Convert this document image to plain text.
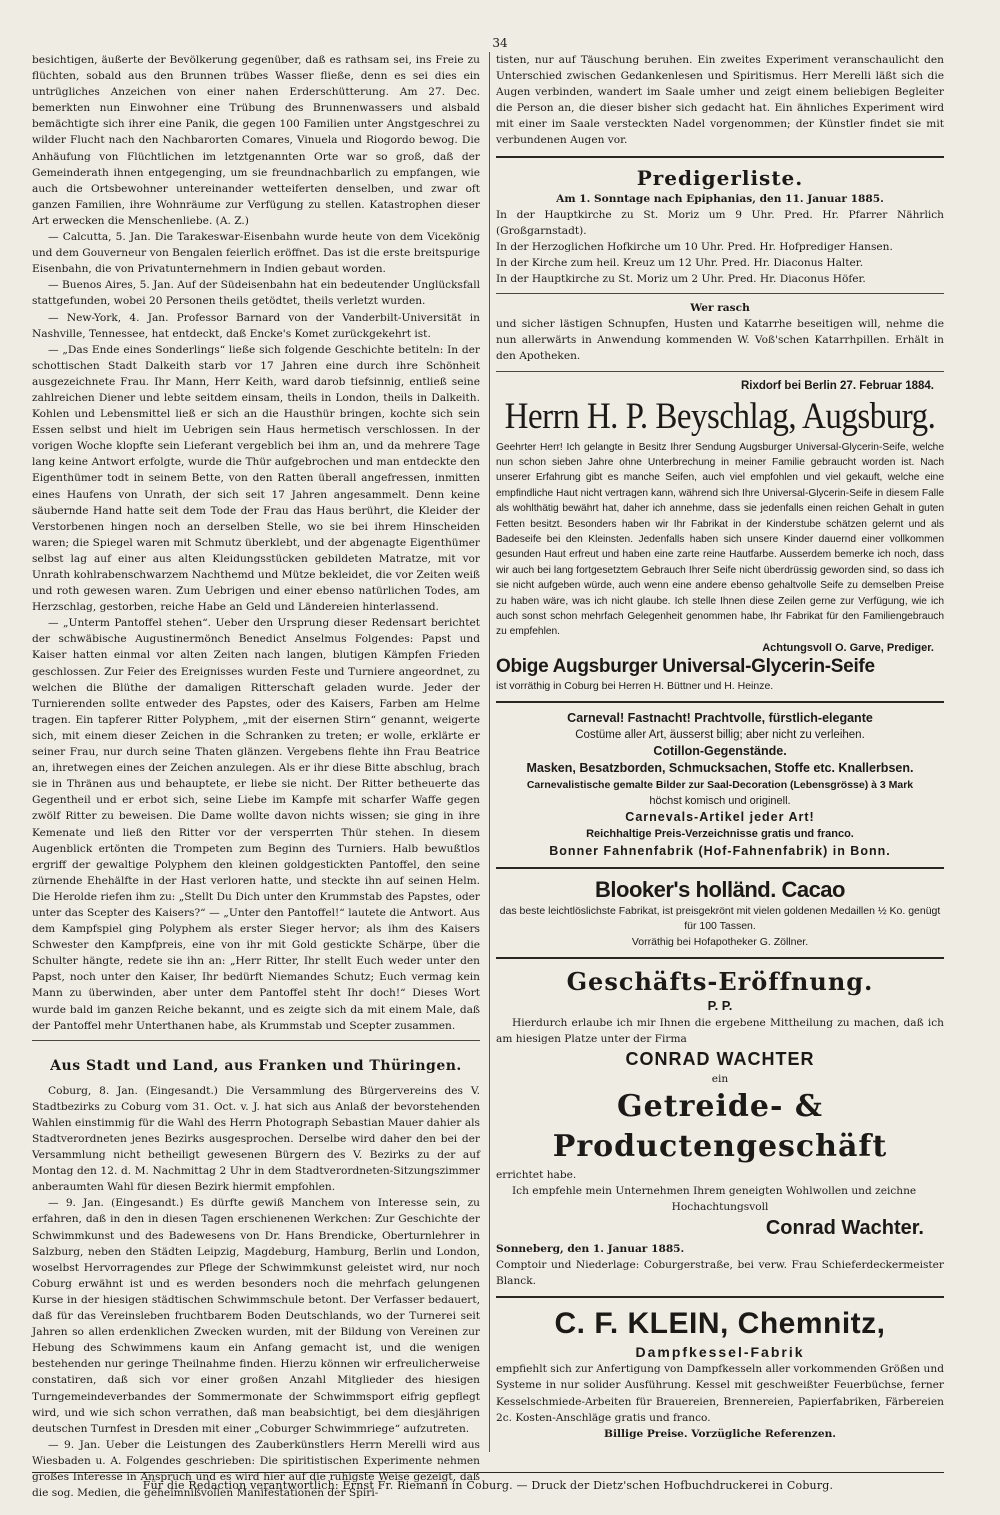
34

besichtigen, äußerte der Bevölkerung gegenüber, daß es rathsam sei, ins Freie zu flüchten, sobald aus den Brunnen trübes Wasser fließe, denn es sei dies ein untrügliches Anzeichen von einer nahen Erderschütterung. Am 27. Dec. bemerkten nun Einwohner eine Trübung des Brunnenwassers und alsbald bemächtigte sich ihrer eine Panik, die gegen 100 Familien unter Angstgeschrei zu wilder Flucht nach den Nachbarorten Comares, Vinuela und Riogordo bewog. Die Anhäufung von Flüchtlichen im letztgenannten Orte war so groß, daß der Gemeinderath ihnen entgegenging, um sie freundnachbarlich zu empfangen, wie auch die Ortsbewohner untereinander wetteiferten denselben, und zwar oft ganzen Familien, ihre Wohnräume zur Verfügung zu stellen. Katastrophen dieser Art erwecken die Menschenliebe. (A. Z.)

— Calcutta, 5. Jan. Die Tarakeswar-Eisenbahn wurde heute von dem Vicekönig und dem Gouverneur von Bengalen feierlich eröffnet. Das ist die erste breitspurige Eisenbahn, die von Privatunternehmern in Indien gebaut worden.

— Buenos Aires, 5. Jan. Auf der Südeisenbahn hat ein bedeutender Unglücksfall stattgefunden, wobei 20 Personen theils getödtet, theils verletzt wurden.

— New-York, 4. Jan. Professor Barnard von der Vanderbilt-Universität in Nashville, Tennessee, hat entdeckt, daß Encke's Komet zurückgekehrt ist.

— „Das Ende eines Sonderlings“ ließe sich folgende Geschichte betiteln: In der schottischen Stadt Dalkeith starb vor 17 Jahren eine durch ihre Schönheit ausgezeichnete Frau. Ihr Mann, Herr Keith, ward darob tiefsinnig, entließ seine zahlreichen Diener und lebte seitdem einsam, theils in London, theils in Dalkeith. Kohlen und Lebensmittel ließ er sich an die Hausthür bringen, kochte sich sein Essen selbst und hielt im Uebrigen sein Haus hermetisch verschlossen. In der vorigen Woche klopfte sein Lieferant vergeblich bei ihm an, und da mehrere Tage lang keine Antwort erfolgte, wurde die Thür aufgebrochen und man entdeckte den Eigenthümer todt in seinem Bette, von den Ratten überall angefressen, inmitten eines Haufens von Unrath, der sich seit 17 Jahren angesammelt. Denn keine säubernde Hand hatte seit dem Tode der Frau das Haus berührt, die Kleider der Verstorbenen hingen noch an derselben Stelle, wo sie bei ihrem Hinscheiden waren; die Spiegel waren mit Schmutz überklebt, und der abgenagte Eigenthümer selbst lag auf einer aus alten Kleidungsstücken gebildeten Matratze, mit vor Unrath kohlrabenschwarzem Nachthemd und Mütze bekleidet, die vor Zeiten weiß und roth gewesen waren. Zum Uebrigen und einer ebenso natürlichen Todes, am Herzschlag, gestorben, reiche Habe an Geld und Ländereien hinterlassend.

— „Unterm Pantoffel stehen“. Ueber den Ursprung dieser Redensart berichtet der schwäbische Augustinermönch Benedict Anselmus Folgendes: Papst und Kaiser hatten einmal vor alten Zeiten nach langen, blutigen Kämpfen Frieden geschlossen. Zur Feier des Ereignisses wurden Feste und Turniere angeordnet, zu welchen die Blüthe der damaligen Ritterschaft geladen wurde. Jeder der Turnierenden sollte entweder des Papstes, oder des Kaisers, Farben am Helme tragen. Ein tapferer Ritter Polyphem, „mit der eisernen Stirn“ genannt, weigerte sich, mit einem dieser Zeichen in die Schranken zu treten; er wolle, erklärte er seiner Frau, nur durch seine Thaten glänzen. Vergebens flehte ihn Frau Beatrice an, ihretwegen eines der Zeichen anzulegen. Als er ihr diese Bitte abschlug, brach sie in Thränen aus und behauptete, er liebe sie nicht. Der Ritter betheuerte das Gegentheil und er erbot sich, seine Liebe im Kampfe mit scharfer Waffe gegen zwölf Ritter zu beweisen. Die Dame wollte davon nichts wissen; sie ging in ihre Kemenate und ließ den Ritter vor der versperrten Thür stehen. In diesem Augenblick ertönten die Trompeten zum Beginn des Turniers. Halb bewußtlos ergriff der gewaltige Polyphem den kleinen goldgestickten Pantoffel, den seine zürnende Ehehälfte in der Hast verloren hatte, und steckte ihn auf seinen Helm. Die Herolde riefen ihm zu: „Stellt Du Dich unter den Krummstab des Papstes, oder unter das Scepter des Kaisers?“ — „Unter den Pantoffel!“ lautete die Antwort. Aus dem Kampfspiel ging Polyphem als erster Sieger hervor; als ihm des Kaisers Schwester den Kampfpreis, eine von ihr mit Gold gestickte Schärpe, über die Schulter hängte, redete sie ihn an: „Herr Ritter, Ihr stellt Euch weder unter den Papst, noch unter den Kaiser, Ihr bedürft Niemandes Schutz; Euch vermag kein Mann zu überwinden, aber unter dem Pantoffel steht Ihr doch!“ Dieses Wort wurde bald im ganzen Reiche bekannt, und es zeigte sich da mit einem Male, daß der Pantoffel mehr Unterthanen habe, als Krummstab und Scepter zusammen.

Aus Stadt und Land, aus Franken und Thüringen.

Coburg, 8. Jan. (Eingesandt.) Die Versammlung des Bürgervereins des V. Stadtbezirks zu Coburg vom 31. Oct. v. J. hat sich aus Anlaß der bevorstehenden Wahlen einstimmig für die Wahl des Herrn Photograph Sebastian Mauer dahier als Stadtverordneten jenes Bezirks ausgesprochen. Derselbe wird daher den bei der Versammlung nicht betheiligt gewesenen Bürgern des V. Bezirks zu der auf Montag den 12. d. M. Nachmittag 2 Uhr in dem Stadtverordneten-Sitzungszimmer anberaumten Wahl für diesen Bezirk hiermit empfohlen.

— 9. Jan. (Eingesandt.) Es dürfte gewiß Manchem von Interesse sein, zu erfahren, daß in den in diesen Tagen erschienenen Werkchen: Zur Geschichte der Schwimmkunst und des Badewesens von Dr. Hans Brendicke, Oberturnlehrer in Salzburg, neben den Städten Leipzig, Magdeburg, Hamburg, Berlin und London, woselbst Hervorragendes zur Pflege der Schwimmkunst geleistet wird, nur noch Coburg erwähnt ist und es werden besonders noch die mehrfach gelungenen Kurse in der hiesigen städtischen Schwimmschule betont. Der Verfasser bedauert, daß für das Vereinsleben fruchtbarem Boden Deutschlands, wo der Turnerei seit Jahren so allen erdenklichen Zwecken wurden, mit der Bildung von Vereinen zur Hebung des Schwimmens kaum ein Anfang gemacht ist, und die wenigen bestehenden nur geringe Theilnahme finden. Hierzu können wir erfreulicherweise constatiren, daß sich vor einer großen Anzahl Mitglieder des hiesigen Turngemeindeverbandes der Sommermonate der Schwimmsport eifrig gepflegt wird, und wie sich schon verrathen, daß man beabsichtigt, bei dem diesjährigen deutschen Turnfest in Dresden mit einer „Coburger Schwimmriege“ aufzutreten.

— 9. Jan. Ueber die Leistungen des Zauberkünstlers Herrn Merelli wird aus Wiesbaden u. A. Folgendes geschrieben: Die spiritistischen Experimente nehmen großes Interesse in Anspruch und es wird hier auf die ruhigste Weise gezeigt, daß die sog. Medien, die geheimnißvollen Manifestationen der Spiri-

tisten, nur auf Täuschung beruhen. Ein zweites Experiment veranschaulicht den Unterschied zwischen Gedankenlesen und Spiritismus. Herr Merelli läßt sich die Augen verbinden, wandert im Saale umher und zeigt einem beliebigen Begleiter die Person an, die dieser bisher sich gedacht hat. Ein ähnliches Experiment wird mit einer im Saale versteckten Nadel vorgenommen; der Künstler findet sie mit verbundenen Augen vor.

Predigerliste.

Am 1. Sonntage nach Epiphanias, den 11. Januar 1885.

In der Hauptkirche zu St. Moriz um 9 Uhr. Pred. Hr. Pfarrer Nährlich (Großgarnstadt).

In der Herzoglichen Hofkirche um 10 Uhr. Pred. Hr. Hofprediger Hansen.

In der Kirche zum heil. Kreuz um 12 Uhr. Pred. Hr. Diaconus Halter.

In der Hauptkirche zu St. Moriz um 2 Uhr. Pred. Hr. Diaconus Höfer.

Wer rasch

und sicher lästigen Schnupfen, Husten und Katarrhe beseitigen will, nehme die nun allerwärts in Anwendung kommenden W. Voß'schen Katarrhpillen. Erhält in den Apotheken.

Rixdorf bei Berlin 27. Februar 1884.

Herrn H. P. Beyschlag, Augsburg.

Geehrter Herr! Ich gelangte in Besitz Ihrer Sendung Augsburger Universal-Glycerin-Seife, welche nun schon sieben Jahre ohne Unterbrechung in meiner Familie gebraucht worden ist. Nach unserer Erfahrung gibt es manche Seifen, auch viel empfohlen und viel gekauft, welche eine empfindliche Haut nicht vertragen kann, während sich Ihre Universal-Glycerin-Seife in diesem Falle als wohlthätig bewährt hat, daher ich annehme, dass sie jedenfalls einen reichen Gehalt in guten Fetten besitzt. Besonders haben wir Ihr Fabrikat in der Kinderstube schätzen gelernt und als Badeseife bei den Kleinsten. Jedenfalls haben sich unsere Kinder dauernd einer vollkommen gesunden Haut erfreut und haben eine zarte reine Hautfarbe. Ausserdem bemerke ich noch, dass wir auch bei lang fortgesetztem Gebrauch Ihrer Seife nicht überdrüssig geworden sind, so dass ich sie nicht aufgeben würde, auch wenn eine andere ebenso gehaltvolle Seife zu demselben Preise zu haben wäre, was ich nicht glaube. Ich stelle Ihnen diese Zeilen gerne zur Verfügung, wie ich auch sonst schon mehrfach Gelegenheit genommen habe, Ihr Fabrikat für den Familiengebrauch zu empfehlen.

Achtungsvoll O. Garve, Prediger.

Obige Augsburger Universal-Glycerin-Seife

ist vorräthig in Coburg bei Herren H. Büttner und H. Heinze.

Carneval! Fastnacht! Prachtvolle, fürstlich-elegante

Costüme aller Art, äusserst billig; aber nicht zu verleihen.

Cotillon-Gegenstände.

Masken, Besatzborden, Schmucksachen, Stoffe etc. Knallerbsen.

Carnevalistische gemalte Bilder zur Saal-Decoration (Lebensgrösse) à 3 Mark

höchst komisch und originell.

Carnevals-Artikel jeder Art!

Reichhaltige Preis-Verzeichnisse gratis und franco.

Bonner Fahnenfabrik (Hof-Fahnenfabrik) in Bonn.

Blooker's holländ. Cacao

das beste leichtlöslichste Fabrikat, ist preisgekrönt mit vielen goldenen Medaillen ½ Ko. genügt für 100 Tassen.

Vorräthig bei Hofapotheker G. Zöllner.

Geschäfts-Eröffnung.

P. P.

Hierdurch erlaube ich mir Ihnen die ergebene Mittheilung zu machen, daß ich am hiesigen Platze unter der Firma

CONRAD WACHTER

ein

Getreide- & Productengeschäft

errichtet habe.

Ich empfehle mein Unternehmen Ihrem geneigten Wohlwollen und zeichne

Hochachtungsvoll

Conrad Wachter.

Sonneberg, den 1. Januar 1885.

Comptoir und Niederlage: Coburgerstraße, bei verw. Frau Schieferdeckermeister Blanck.

C. F. KLEIN, Chemnitz,
Dampfkessel-Fabrik

empfiehlt sich zur Anfertigung von Dampfkesseln aller vorkommenden Größen und Systeme in nur solider Ausführung. Kessel mit geschweißter Feuerbüchse, ferner Kesselschmiede-Arbeiten für Brauereien, Brennereien, Papierfabriken, Färbereien 2c. Kosten-Anschläge gratis und franco.

Billige Preise. Vorzügliche Referenzen.

Für die Redaction verantwortlich: Ernst Fr. Riemann in Coburg. — Druck der Dietz'schen Hofbuchdruckerei in Coburg.
